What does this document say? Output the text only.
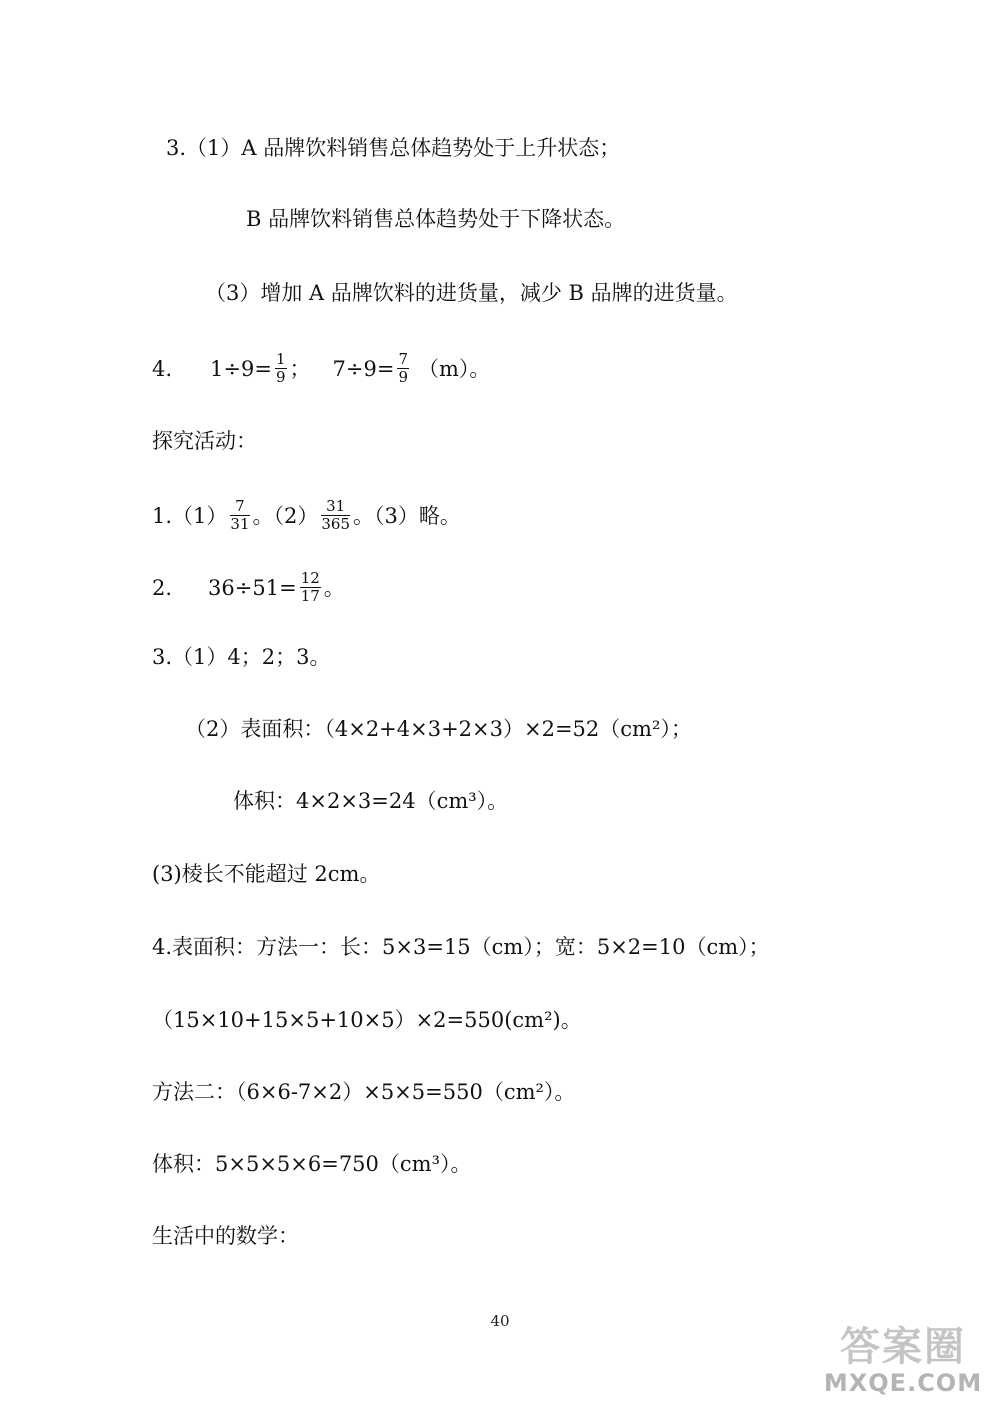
3.（1）A 品牌饮料销售总体趋势处于上升状态；
B 品牌饮料销售总体趋势处于下降状态。
（3）增加 A 品牌饮料的进货量，减少 B 品牌的进货量。
4. $1\div 9= \frac{1}{9}$ ； $7\div 9= \frac{7}{9} (m)$。
探究活动：
$1.(1) \frac{7}{31}$ 。$(2) \frac{31}{365}$ 。（3）略。
2. $36\div 51= \frac{12}{17}$ 。
3.（1）4；2；3。
（2）表面积：（4×2+4×3+2×3）×2=52（cm²）；
体积：4×2×3=24（cm³）。
(3)棱长不能超过 2cm。
4.表面积：方法一：长：5×3=15（cm）；宽：5×2=10（cm）；
（15×10+15×5+10×5）×2=550(cm²)。
方法二：（6×6-7×2）×5×5=550（cm²）。
体积：5×5×5×6=750（cm³）。
生活中的数学：
40
答案圈
MXQE.COM
